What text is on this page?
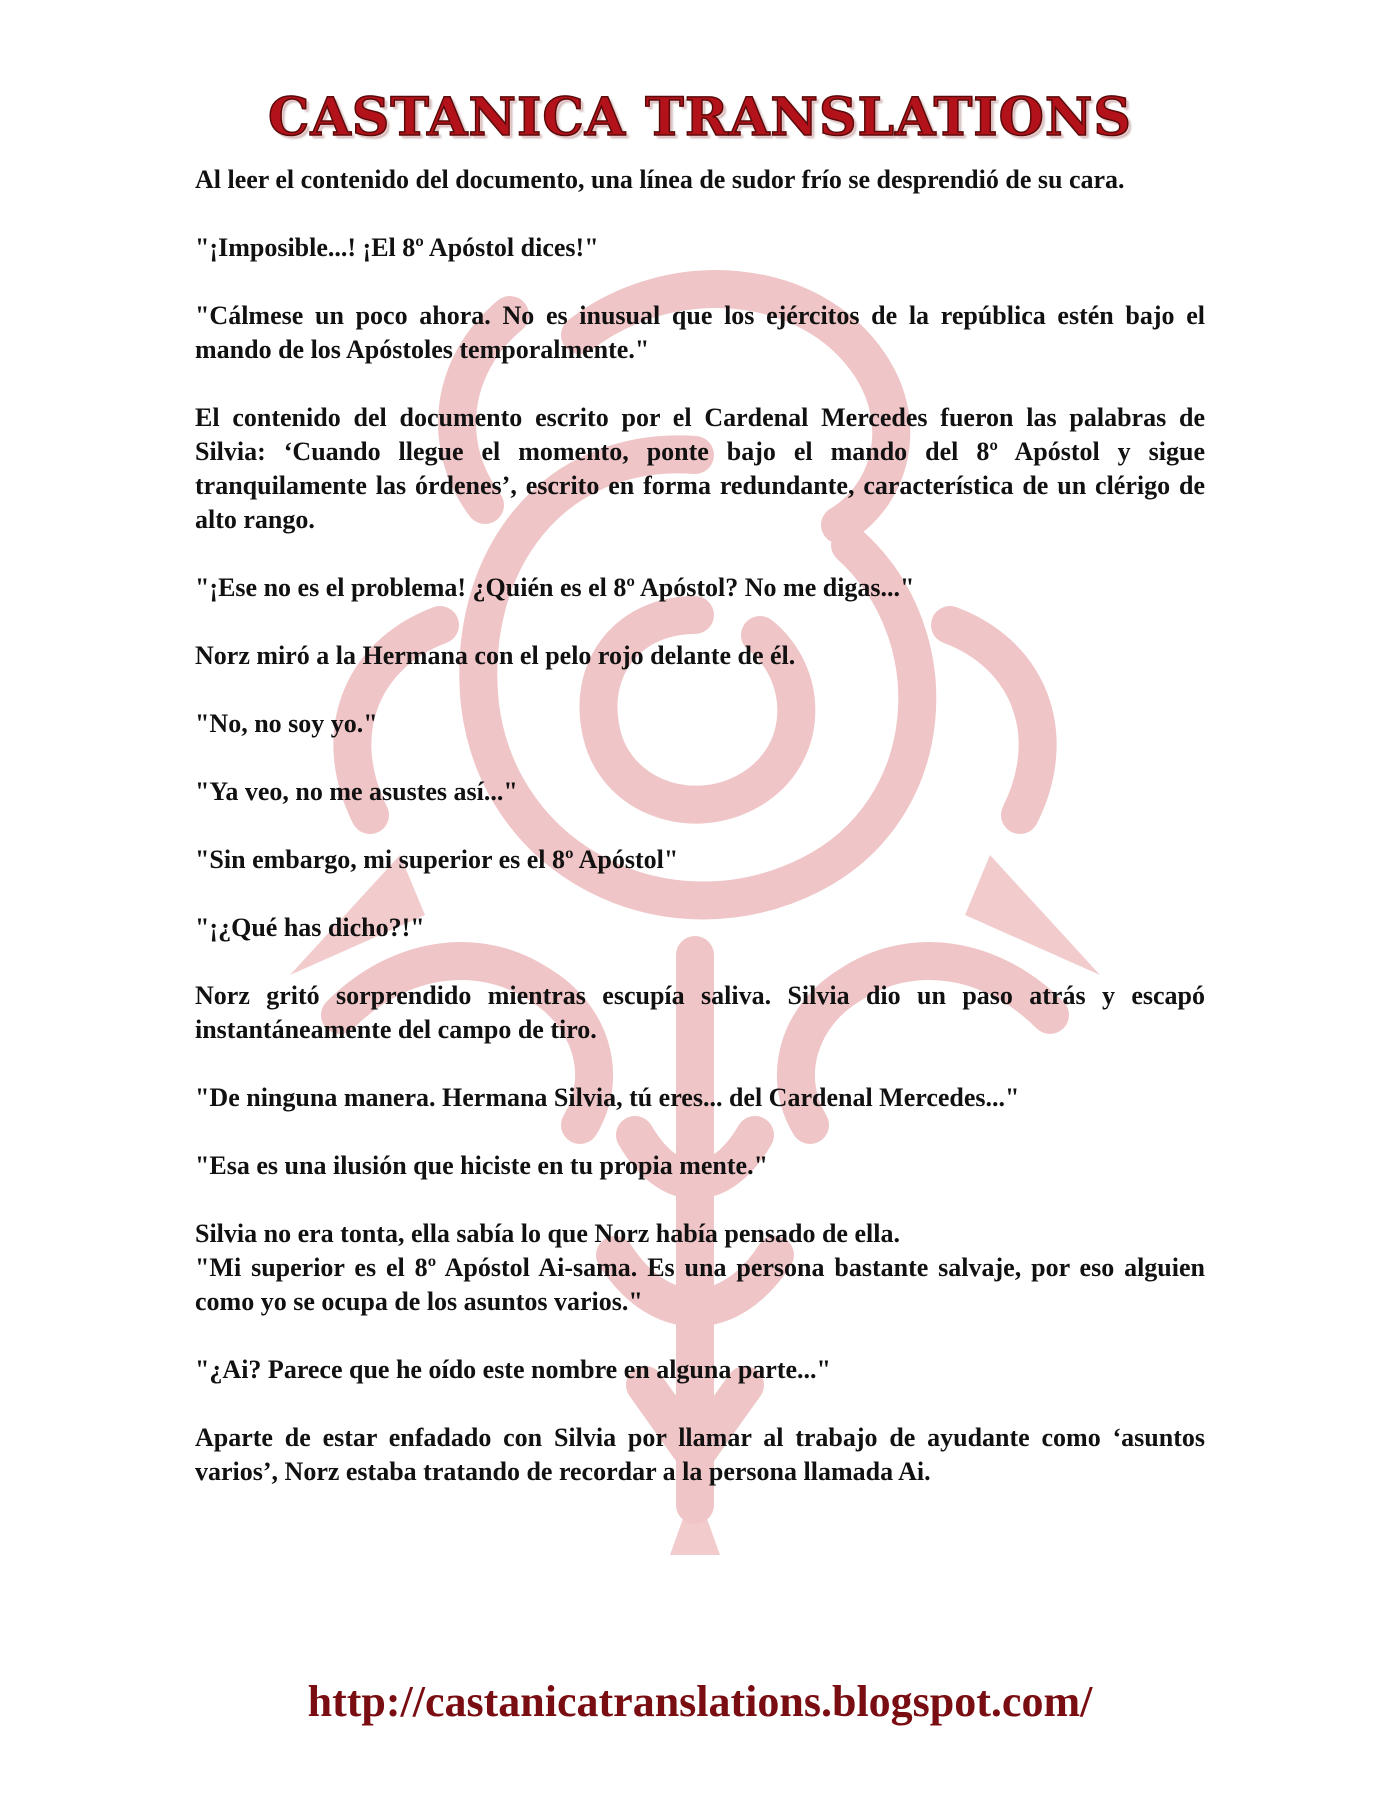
CASTANICA TRANSLATIONS

Al leer el contenido del documento, una línea de sudor frío se desprendió de su cara.

"¡Imposible...! ¡El 8º Apóstol dices!"

"Cálmese un poco ahora. No es inusual que los ejércitos de la república estén bajo el mando de los Apóstoles temporalmente."

El contenido del documento escrito por el Cardenal Mercedes fueron las palabras de Silvia: ‘Cuando llegue el momento, ponte bajo el mando del 8º Apóstol y sigue tranquilamente las órdenes’, escrito en forma redundante, característica de un clérigo de alto rango.

"¡Ese no es el problema! ¿Quién es el 8º Apóstol? No me digas..."

Norz miró a la Hermana con el pelo rojo delante de él.

"No, no soy yo."

"Ya veo, no me asustes así..."

"Sin embargo, mi superior es el 8º Apóstol"

"¡¿Qué has dicho?!"

Norz gritó sorprendido mientras escupía saliva. Silvia dio un paso atrás y escapó instantáneamente del campo de tiro.

"De ninguna manera. Hermana Silvia, tú eres... del Cardenal Mercedes..."

"Esa es una ilusión que hiciste en tu propia mente."

Silvia no era tonta, ella sabía lo que Norz había pensado de ella.

"Mi superior es el 8º Apóstol Ai-sama. Es una persona bastante salvaje, por eso alguien como yo se ocupa de los asuntos varios."

"¿Ai? Parece que he oído este nombre en alguna parte..."

Aparte de estar enfadado con Silvia por llamar al trabajo de ayudante como ‘asuntos varios’, Norz estaba tratando de recordar a la persona llamada Ai.

http://castanicatranslations.blogspot.com/
